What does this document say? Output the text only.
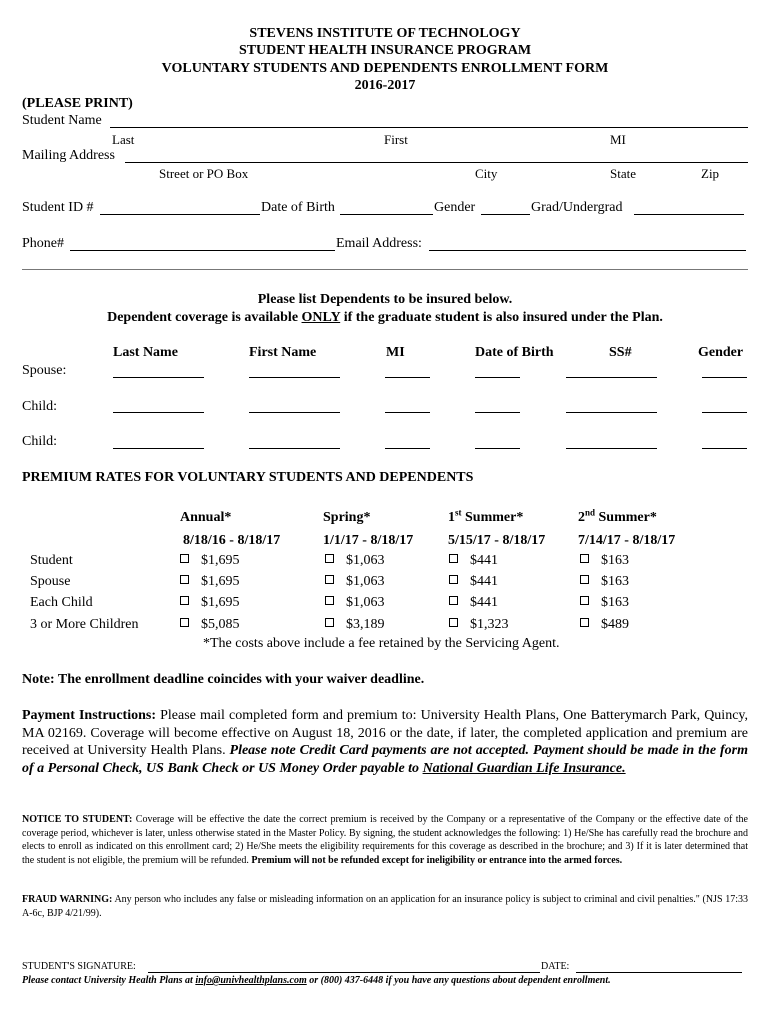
STEVENS INSTITUTE OF TECHNOLOGY
STUDENT HEALTH INSURANCE PROGRAM
VOLUNTARY STUDENTS AND DEPENDENTS ENROLLMENT FORM
2016-2017
(PLEASE PRINT)
Student Name
Last	First	MI
Mailing Address
Street or PO Box	City	State	Zip
Student ID #	Date of Birth	Gender	Grad/Undergrad
Phone#	Email Address:
Please list Dependents to be insured below.
Dependent coverage is available ONLY if the graduate student is also insured under the Plan.
Last Name	First Name	MI	Date of Birth	SS#	Gender
Spouse:
Child:
Child:
PREMIUM RATES FOR VOLUNTARY STUDENTS AND DEPENDENTS
Annual*	Spring*	1st Summer*	2nd Summer*
8/18/16 - 8/18/17	1/1/17 - 8/18/17 5/15/17 - 8/18/17 7/14/17 - 8/18/17
Student	$1,695	$1,063	$441	$163
Spouse	$1,695	$1,063	$441	$163
Each Child	$1,695	$1,063	$441	$163
3 or More Children	$5,085	$3,189	$1,323	$489
*The costs above include a fee retained by the Servicing Agent.
Note: The enrollment deadline coincides with your waiver deadline.
Payment Instructions: Please mail completed form and premium to: University Health Plans, One Batterymarch Park, Quincy, MA 02169. Coverage will become effective on August 18, 2016 or the date, if later, the completed application and premium are received at University Health Plans. Please note Credit Card payments are not accepted. Payment should be made in the form of a Personal Check, US Bank Check or US Money Order payable to National Guardian Life Insurance.
NOTICE TO STUDENT: Coverage will be effective the date the correct premium is received by the Company or a representative of the Company or the effective date of the coverage period, whichever is later, unless otherwise stated in the Master Policy. By signing, the student acknowledges the following: 1) He/She has carefully read the brochure and elects to enroll as indicated on this enrollment card; 2) He/She meets the eligibility requirements for this coverage as described in the brochure; and 3) If it is later determined that the student is not eligible, the premium will be refunded. Premium will not be refunded except for ineligibility or entrance into the armed forces.
FRAUD WARNING: Any person who includes any false or misleading information on an application for an insurance policy is subject to criminal and civil penalties." (NJS 17:33 A-6c, BJP 4/21/99).
STUDENT'S SIGNATURE:	DATE:
Please contact University Health Plans at info@univhealthplans.com or (800) 437-6448 if you have any questions about dependent enrollment.
